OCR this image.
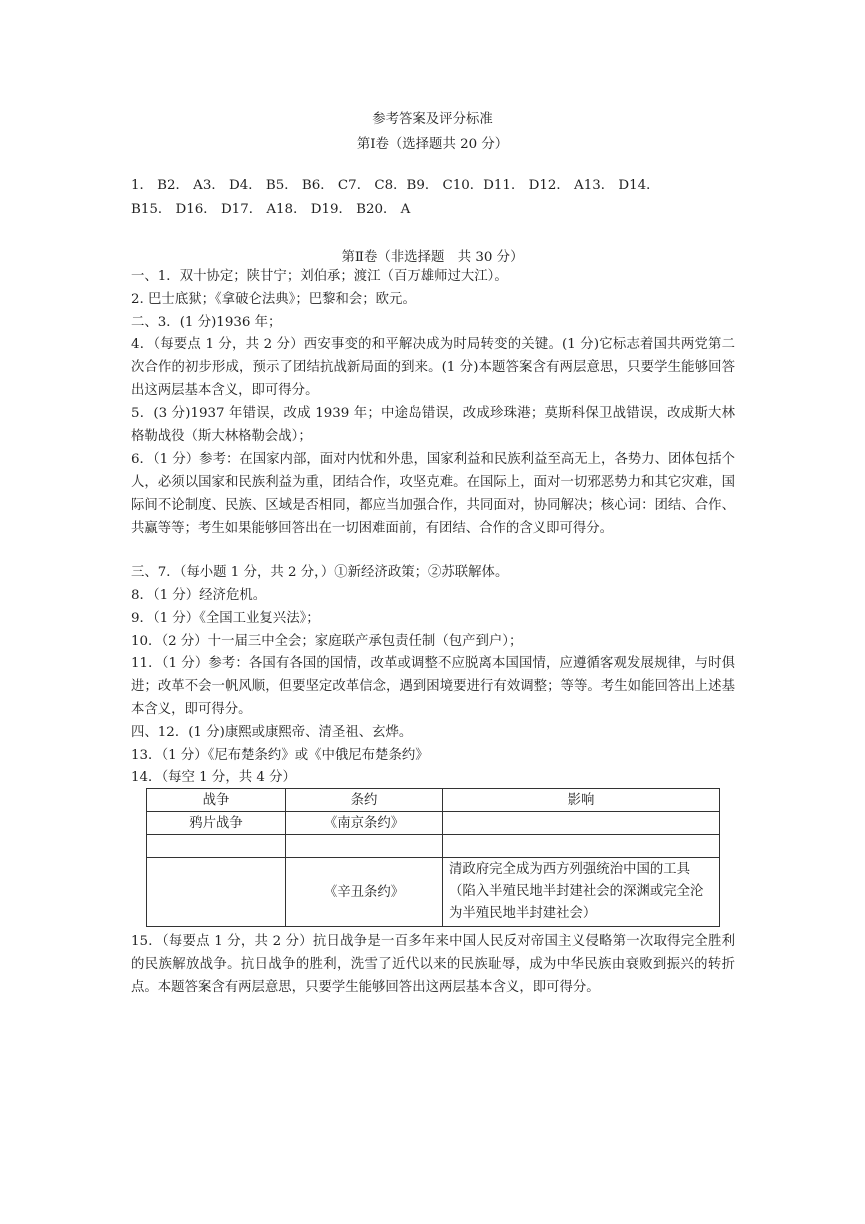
参考答案及评分标准
第Ⅰ卷（选择题共 20 分）
1． B2． A3． D4． B5． B6． C7． C8．B9． C10．D11． D12． A13． D14．
B15． D16． D17． A18． D19． B20． A
第Ⅱ卷（非选择题　共 30 分）
一、1．双十协定；陕甘宁；刘伯承；渡江（百万雄师过大江）。
2. 巴士底狱；《拿破仑法典》；巴黎和会；欧元。
二、3．(1 分)1936 年；
4．（每要点 1 分，共 2 分）西安事变的和平解决成为时局转变的关键。(1 分)它标志着国共两党第二次合作的初步形成，预示了团结抗战新局面的到来。(1 分)本题答案含有两层意思，只要学生能够回答出这两层基本含义，即可得分。
5．(3 分)1937 年错误，改成 1939 年；中途岛错误，改成珍珠港；莫斯科保卫战错误，改成斯大林格勒战役（斯大林格勒会战）；
6．（1 分）参考：在国家内部，面对内忧和外患，国家利益和民族利益至高无上，各势力、团体包括个人，必须以国家和民族利益为重，团结合作，攻坚克难。在国际上，面对一切邪恶势力和其它灾难，国际间不论制度、民族、区域是否相同，都应当加强合作，共同面对，协同解决；核心词：团结、合作、共赢等等；考生如果能够回答出在一切困难面前，有团结、合作的含义即可得分。
三、7．（每小题 1 分，共 2 分，）①新经济政策；②苏联解体。
8．（1 分）经济危机。
9．（1 分）《全国工业复兴法》；
10．（2 分）十一届三中全会；家庭联产承包责任制（包产到户）；
11．（1 分）参考：各国有各国的国情，改革或调整不应脱离本国国情，应遵循客观发展规律，与时俱进；改革不会一帆风顺，但要坚定改革信念，遇到困境要进行有效调整；等等。考生如能回答出上述基本含义，即可得分。
四、12．(1 分)康熙或康熙帝、清圣祖、玄烨。
13．（1 分）《尼布楚条约》或《中俄尼布楚条约》
14．（每空 1 分，共 4 分）
战争	条约	影响
鸦片战争	《南京条约》	

	《辛丑条约》	清政府完全成为西方列强统治中国的工具（陷入半殖民地半封建社会的深渊或完全沦为半殖民地半封建社会）
15．（每要点 1 分，共 2 分）抗日战争是一百多年来中国人民反对帝国主义侵略第一次取得完全胜利的民族解放战争。抗日战争的胜利，洗雪了近代以来的民族耻辱，成为中华民族由衰败到振兴的转折点。本题答案含有两层意思，只要学生能够回答出这两层基本含义，即可得分。
